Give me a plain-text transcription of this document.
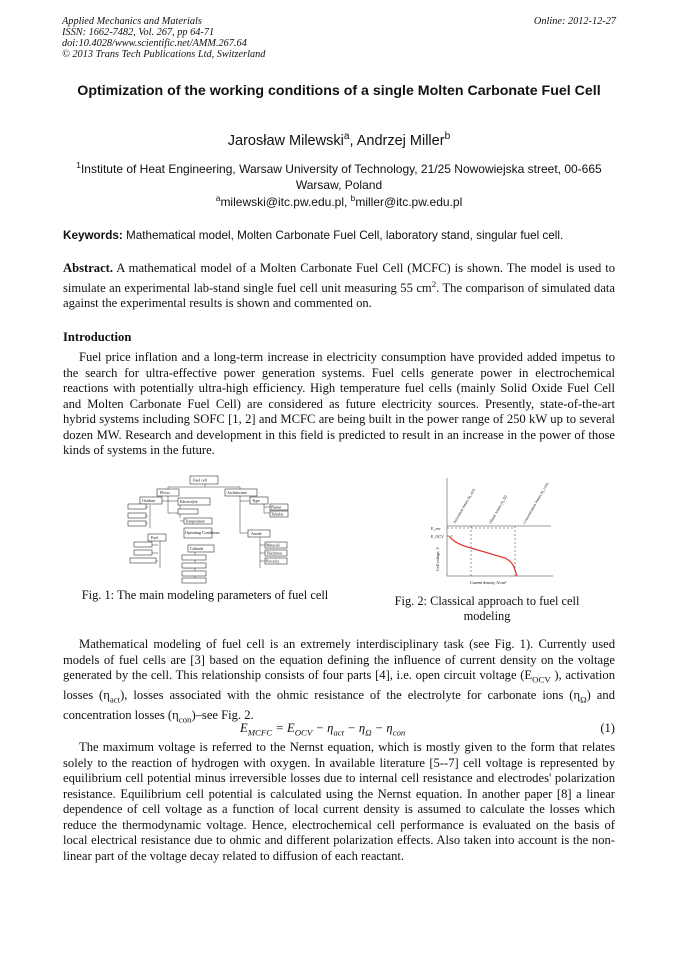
Applied Mechanics and Materials
ISSN: 1662-7482, Vol. 267, pp 64-71
doi:10.4028/www.scientific.net/AMM.267.64
© 2013 Trans Tech Publications Ltd, Switzerland
Online: 2012-12-27
Optimization of the working conditions of a single Molten Carbonate Fuel Cell
Jarosław Milewski$^a$, Andrzej Miller$^b$
$^1$Institute of Heat Engineering, Warsaw University of Technology, 21/25 Nowowiejska street, 00-665 Warsaw, Poland
$^a$milewski@itc.pw.edu.pl, $^b$miller@itc.pw.edu.pl
Keywords: Mathematical model, Molten Carbonate Fuel Cell, laboratory stand, singular fuel cell.
Abstract. A mathematical model of a Molten Carbonate Fuel Cell (MCFC) is shown. The model is used to simulate an experimental lab-stand single fuel cell unit measuring 55 $cm^2$. The comparison of simulated data against the experimental results is shown and commented on.
Introduction
Fuel price inflation and a long-term increase in electricity consumption have provided added impetus to the search for ultra-effective power generation systems. Fuel cells generate power in electrochemical reactions with potentially ultra-high efficiency. High temperature fuel cells (mainly Solid Oxide Fuel Cell and Molten Carbonate Fuel Cell) are considered as future electricity sources. Presently, state-of-the-art hybrid systems including SOFC [1, 2] and MCFC are being built in the power range of 250 kW up to several dozen MW. Research and development in this field is predicted to result in an increase in the power of those kinds of systems in the future.
Fuel cell
Flows	Architecture
Oxidant
Fuel
Type
Electrolyte
Anode
Cathode
Planar
Tubular
Material
Thickness
Porosity
Temperature
Operating Conditions
E_rev
E_OCV
Cell voltage, V
Current density, A/cm²
Activation losses (η_act)	Ohmic losses (η_Ω)	Concentration losses (η_con)
Fig. 1: The main modeling parameters of fuel cell	Fig. 2: Classical approach to fuel cell modeling
Mathematical modeling of fuel cell is an extremely interdisciplinary task (see Fig. 1). Currently used models of fuel cells are [3] based on the equation defining the influence of current density on the voltage generated by the cell. This relationship consists of four parts [4], i.e. open circuit voltage ($E_{OCV}$ ), activation losses $(\eta_{act})$, losses associated with the ohmic resistance of the electrolyte for carbonate ions $(\eta_\Omega)$ and concentration losses $(\eta_{con})$–see Fig. 2.
$E_{MCFC} = E_{OCV} - \eta_{act} - \eta_\Omega - \eta_{con}$	(1)
The maximum voltage is referred to the Nernst equation, which is mostly given to the form that relates solely to the reaction of hydrogen with oxygen. In available literature [5--7] cell voltage is represented by equilibrium cell potential minus irreversible losses due to internal cell resistance and electrodes' polarization resistance. Equilibrium cell potential is calculated using the Nernst equation. In another paper [8] a linear dependence of cell voltage as a function of local current density is assumed to calculate the losses which reduce the thermodynamic voltage. Hence, electrochemical cell performance is evaluated on the basis of local electrical resistance due to ohmic and different polarization effects. Also taken into account is the non-linear part of the voltage decay related to diffusion of each reactant.
